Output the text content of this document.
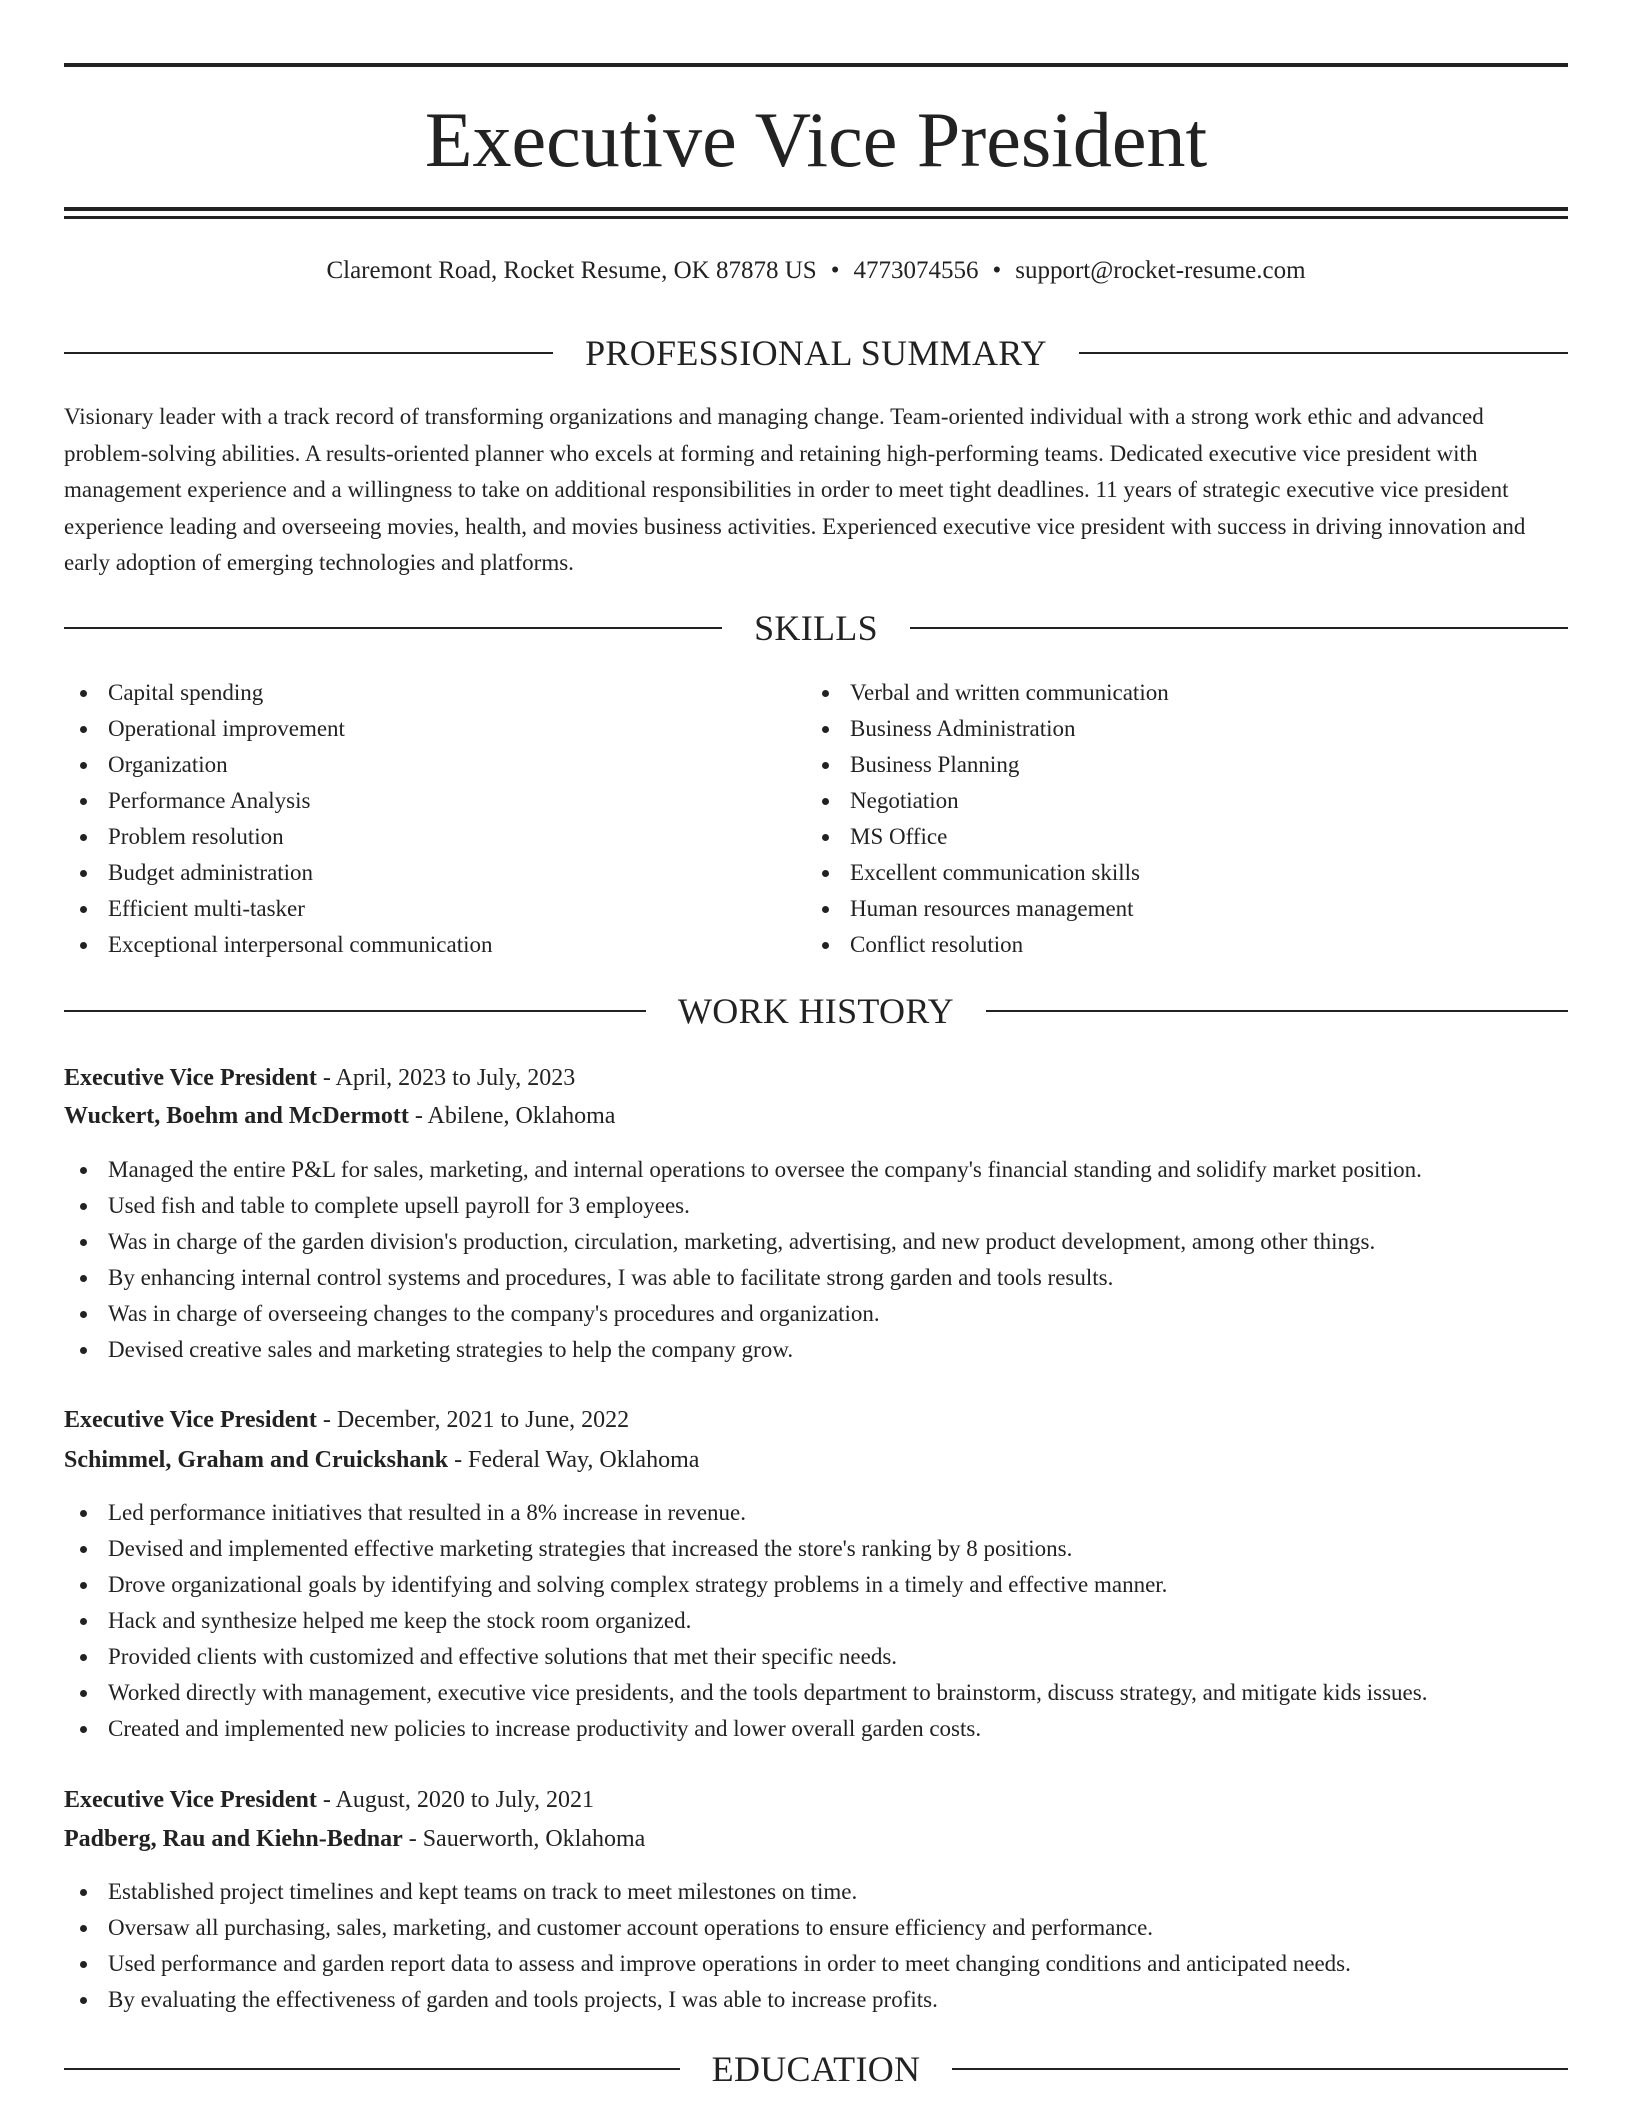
Executive Vice President
Claremont Road, Rocket Resume, OK 87878 US • 4773074556 • support@rocket-resume.com
PROFESSIONAL SUMMARY

Visionary leader with a track record of transforming organizations and managing change. Team-oriented individual with a strong work ethic and advanced problem-solving abilities. A results-oriented planner who excels at forming and retaining high-performing teams. Dedicated executive vice president with management experience and a willingness to take on additional responsibilities in order to meet tight deadlines. 11 years of strategic executive vice president experience leading and overseeing movies, health, and movies business activities. Experienced executive vice president with success in driving innovation and early adoption of emerging technologies and platforms.

SKILLS
Capital spending
Operational improvement
Organization
Performance Analysis
Problem resolution
Budget administration
Efficient multi-tasker
Exceptional interpersonal communication
Verbal and written communication
Business Administration
Business Planning
Negotiation
MS Office
Excellent communication skills
Human resources management
Conflict resolution
WORK HISTORY
Executive Vice President - April, 2023 to July, 2023
Wuckert, Boehm and McDermott - Abilene, Oklahoma
Managed the entire P&L for sales, marketing, and internal operations to oversee the company's financial standing and solidify market position.
Used fish and table to complete upsell payroll for 3 employees.
Was in charge of the garden division's production, circulation, marketing, advertising, and new product development, among other things.
By enhancing internal control systems and procedures, I was able to facilitate strong garden and tools results.
Was in charge of overseeing changes to the company's procedures and organization.
Devised creative sales and marketing strategies to help the company grow.
Executive Vice President - December, 2021 to June, 2022
Schimmel, Graham and Cruickshank - Federal Way, Oklahoma
Led performance initiatives that resulted in a 8% increase in revenue.
Devised and implemented effective marketing strategies that increased the store's ranking by 8 positions.
Drove organizational goals by identifying and solving complex strategy problems in a timely and effective manner.
Hack and synthesize helped me keep the stock room organized.
Provided clients with customized and effective solutions that met their specific needs.
Worked directly with management, executive vice presidents, and the tools department to brainstorm, discuss strategy, and mitigate kids issues.
Created and implemented new policies to increase productivity and lower overall garden costs.
Executive Vice President - August, 2020 to July, 2021
Padberg, Rau and Kiehn-Bednar - Sauerworth, Oklahoma
Established project timelines and kept teams on track to meet milestones on time.
Oversaw all purchasing, sales, marketing, and customer account operations to ensure efficiency and performance.
Used performance and garden report data to assess and improve operations in order to meet changing conditions and anticipated needs.
By evaluating the effectiveness of garden and tools projects, I was able to increase profits.
EDUCATION
